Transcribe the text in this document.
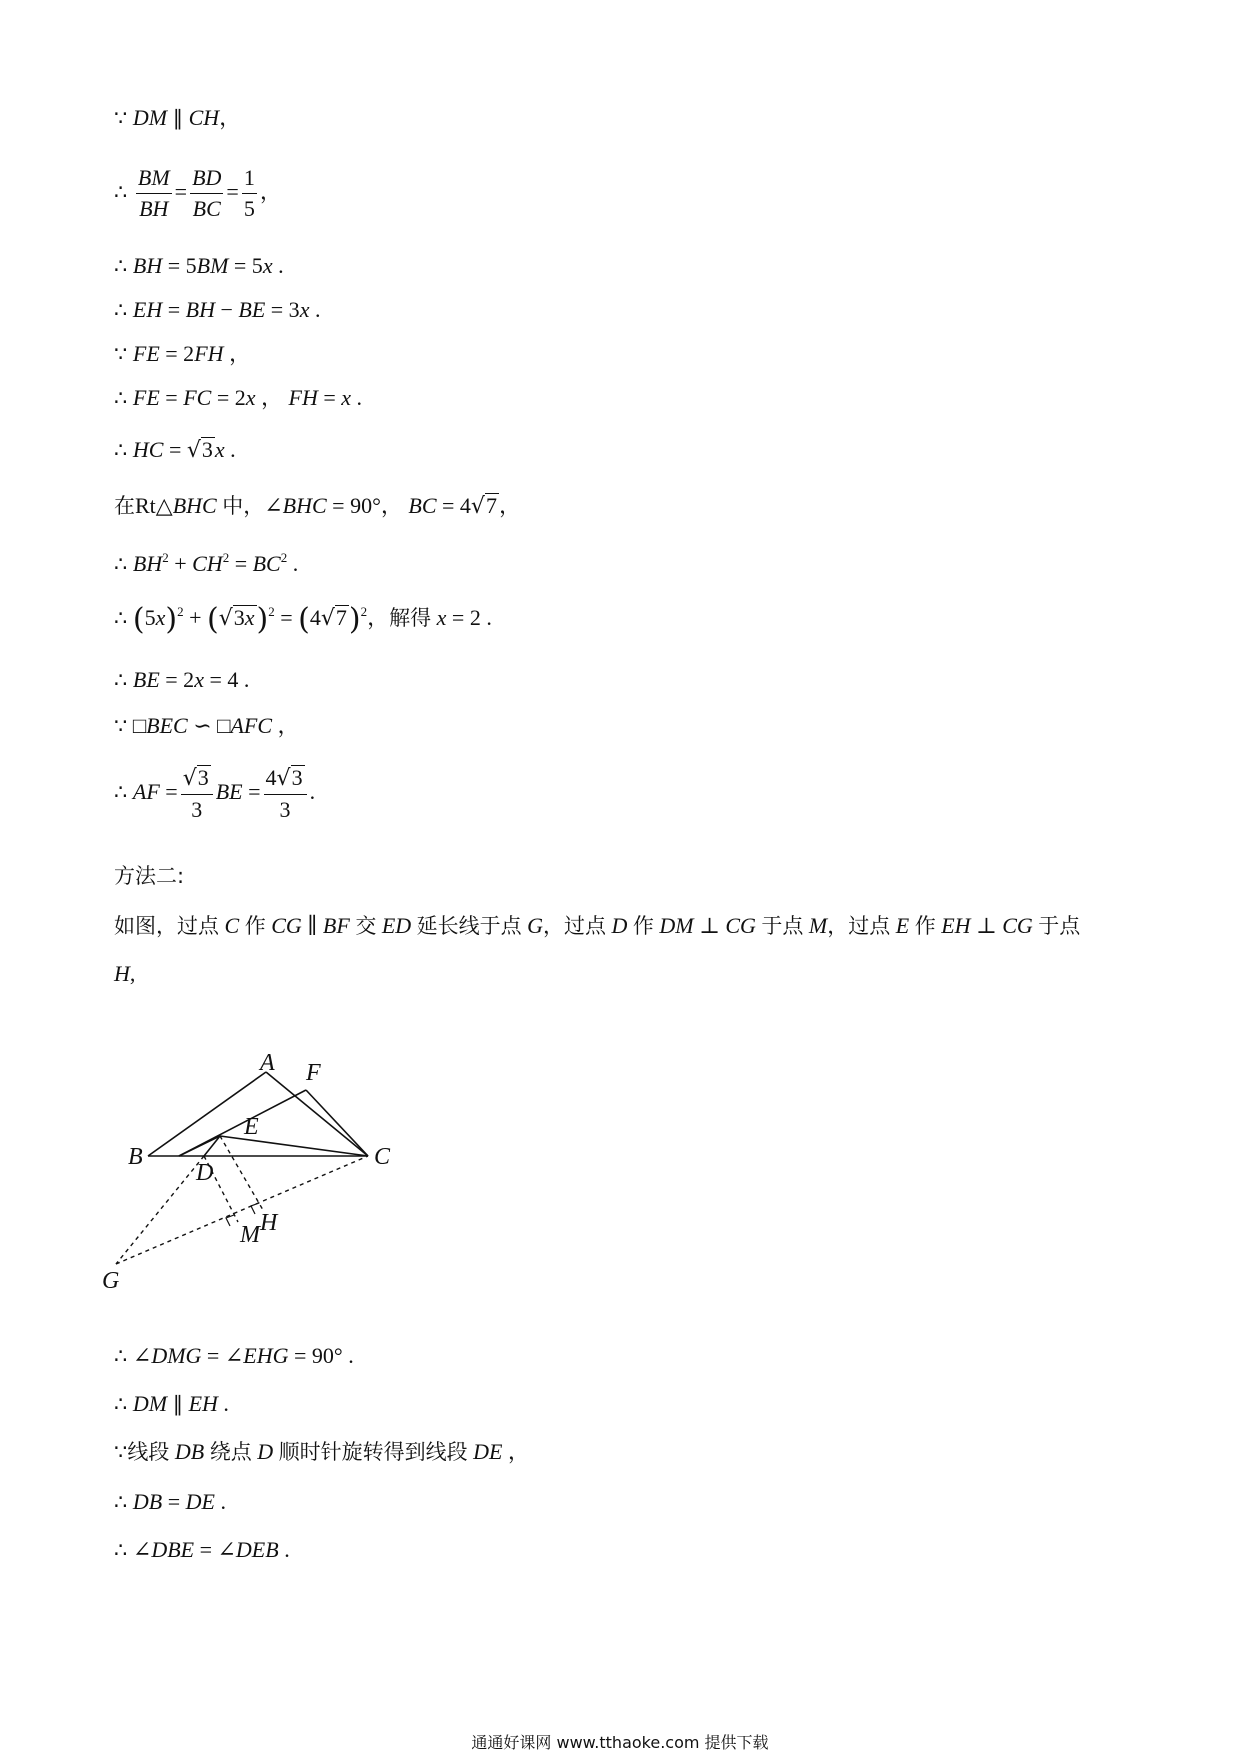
∵ DM ∥ CH，
∴ $\frac{BM}{BH} = \frac{BD}{BC} = \frac{1}{5}$ ，
∴ BH = 5BM = 5x .
∴ EH = BH − BE = 3x .
∵ FE = 2FH ，
∴ FE = FC = 2x ， FH = x .
∴ HC = √3x .
在Rt△BHC 中，∠BHC = 90°， BC = 4√7，
∴ $BH^2 + CH^2 = BC^2$ .
∴ $(5x)^2 + (√3x)^2 = (4√7)^2$，解得 x = 2 .
∴ BE = 2x = 4 .
∵ □BEC ∽ □AFC ，
∴ AF = $\frac{√3}{3}$ BE = $\frac{4√3}{3}$ .
方法二:
如图，过点 C 作 CG ∥ BF 交 ED 延长线于点 G，过点 D 作 DM ⊥ CG 于点 M，过点 E 作 EH ⊥ CG 于点
H,
A F
E
B
D
C
H
M
G
∴ ∠DMG = ∠EHG = 90° .
∴ DM ∥ EH .
∵线段 DB 绕点 D 顺时针旋转得到线段 DE ，
∴ DB = DE .
∴ ∠DBE = ∠DEB .
通通好课网 www.tthaoke.com 提供下载
